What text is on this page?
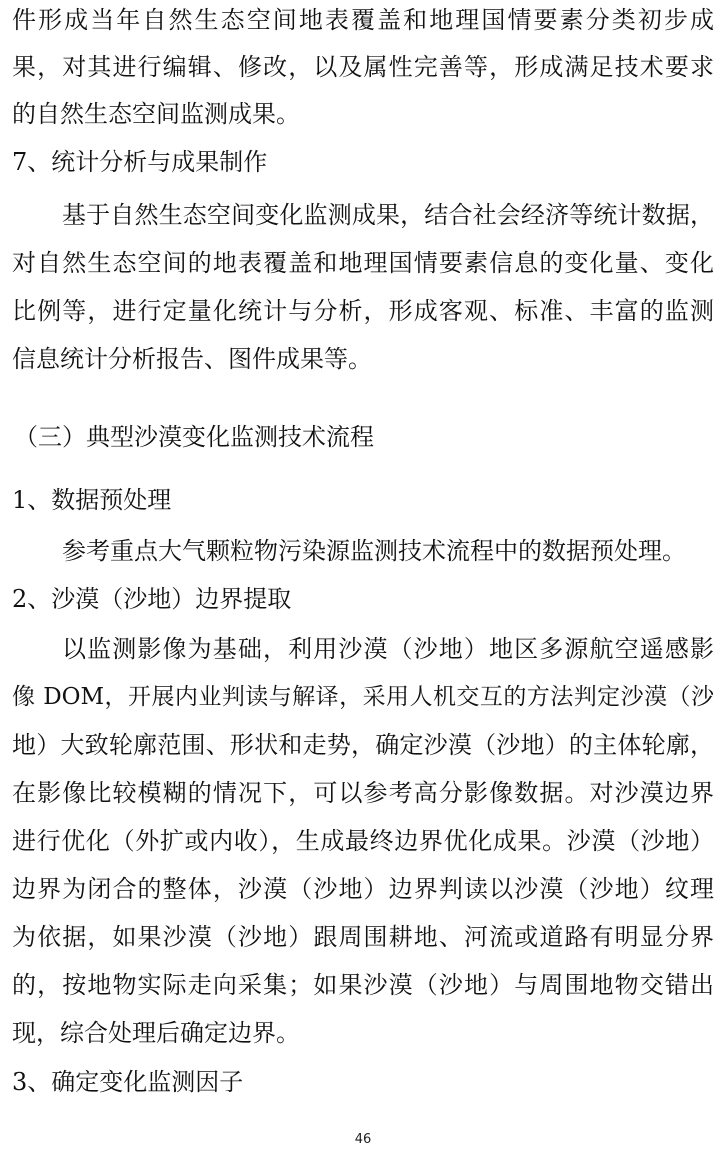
件形成当年自然生态空间地表覆盖和地理国情要素分类初步成
果，对其进行编辑、修改，以及属性完善等，形成满足技术要求
的自然生态空间监测成果。
7、统计分析与成果制作
基于自然生态空间变化监测成果，结合社会经济等统计数据，
对自然生态空间的地表覆盖和地理国情要素信息的变化量、变化
比例等，进行定量化统计与分析，形成客观、标准、丰富的监测
信息统计分析报告、图件成果等。
（三）典型沙漠变化监测技术流程
1、数据预处理
参考重点大气颗粒物污染源监测技术流程中的数据预处理。
2、沙漠（沙地）边界提取
以监测影像为基础，利用沙漠（沙地）地区多源航空遥感影
像 DOM，开展内业判读与解译，采用人机交互的方法判定沙漠（沙
地）大致轮廓范围、形状和走势，确定沙漠（沙地）的主体轮廓，
在影像比较模糊的情况下，可以参考高分影像数据。对沙漠边界
进行优化（外扩或内收），生成最终边界优化成果。沙漠（沙地）
边界为闭合的整体，沙漠（沙地）边界判读以沙漠（沙地）纹理
为依据，如果沙漠（沙地）跟周围耕地、河流或道路有明显分界
的，按地物实际走向采集；如果沙漠（沙地）与周围地物交错出
现，综合处理后确定边界。
3、确定变化监测因子
46
